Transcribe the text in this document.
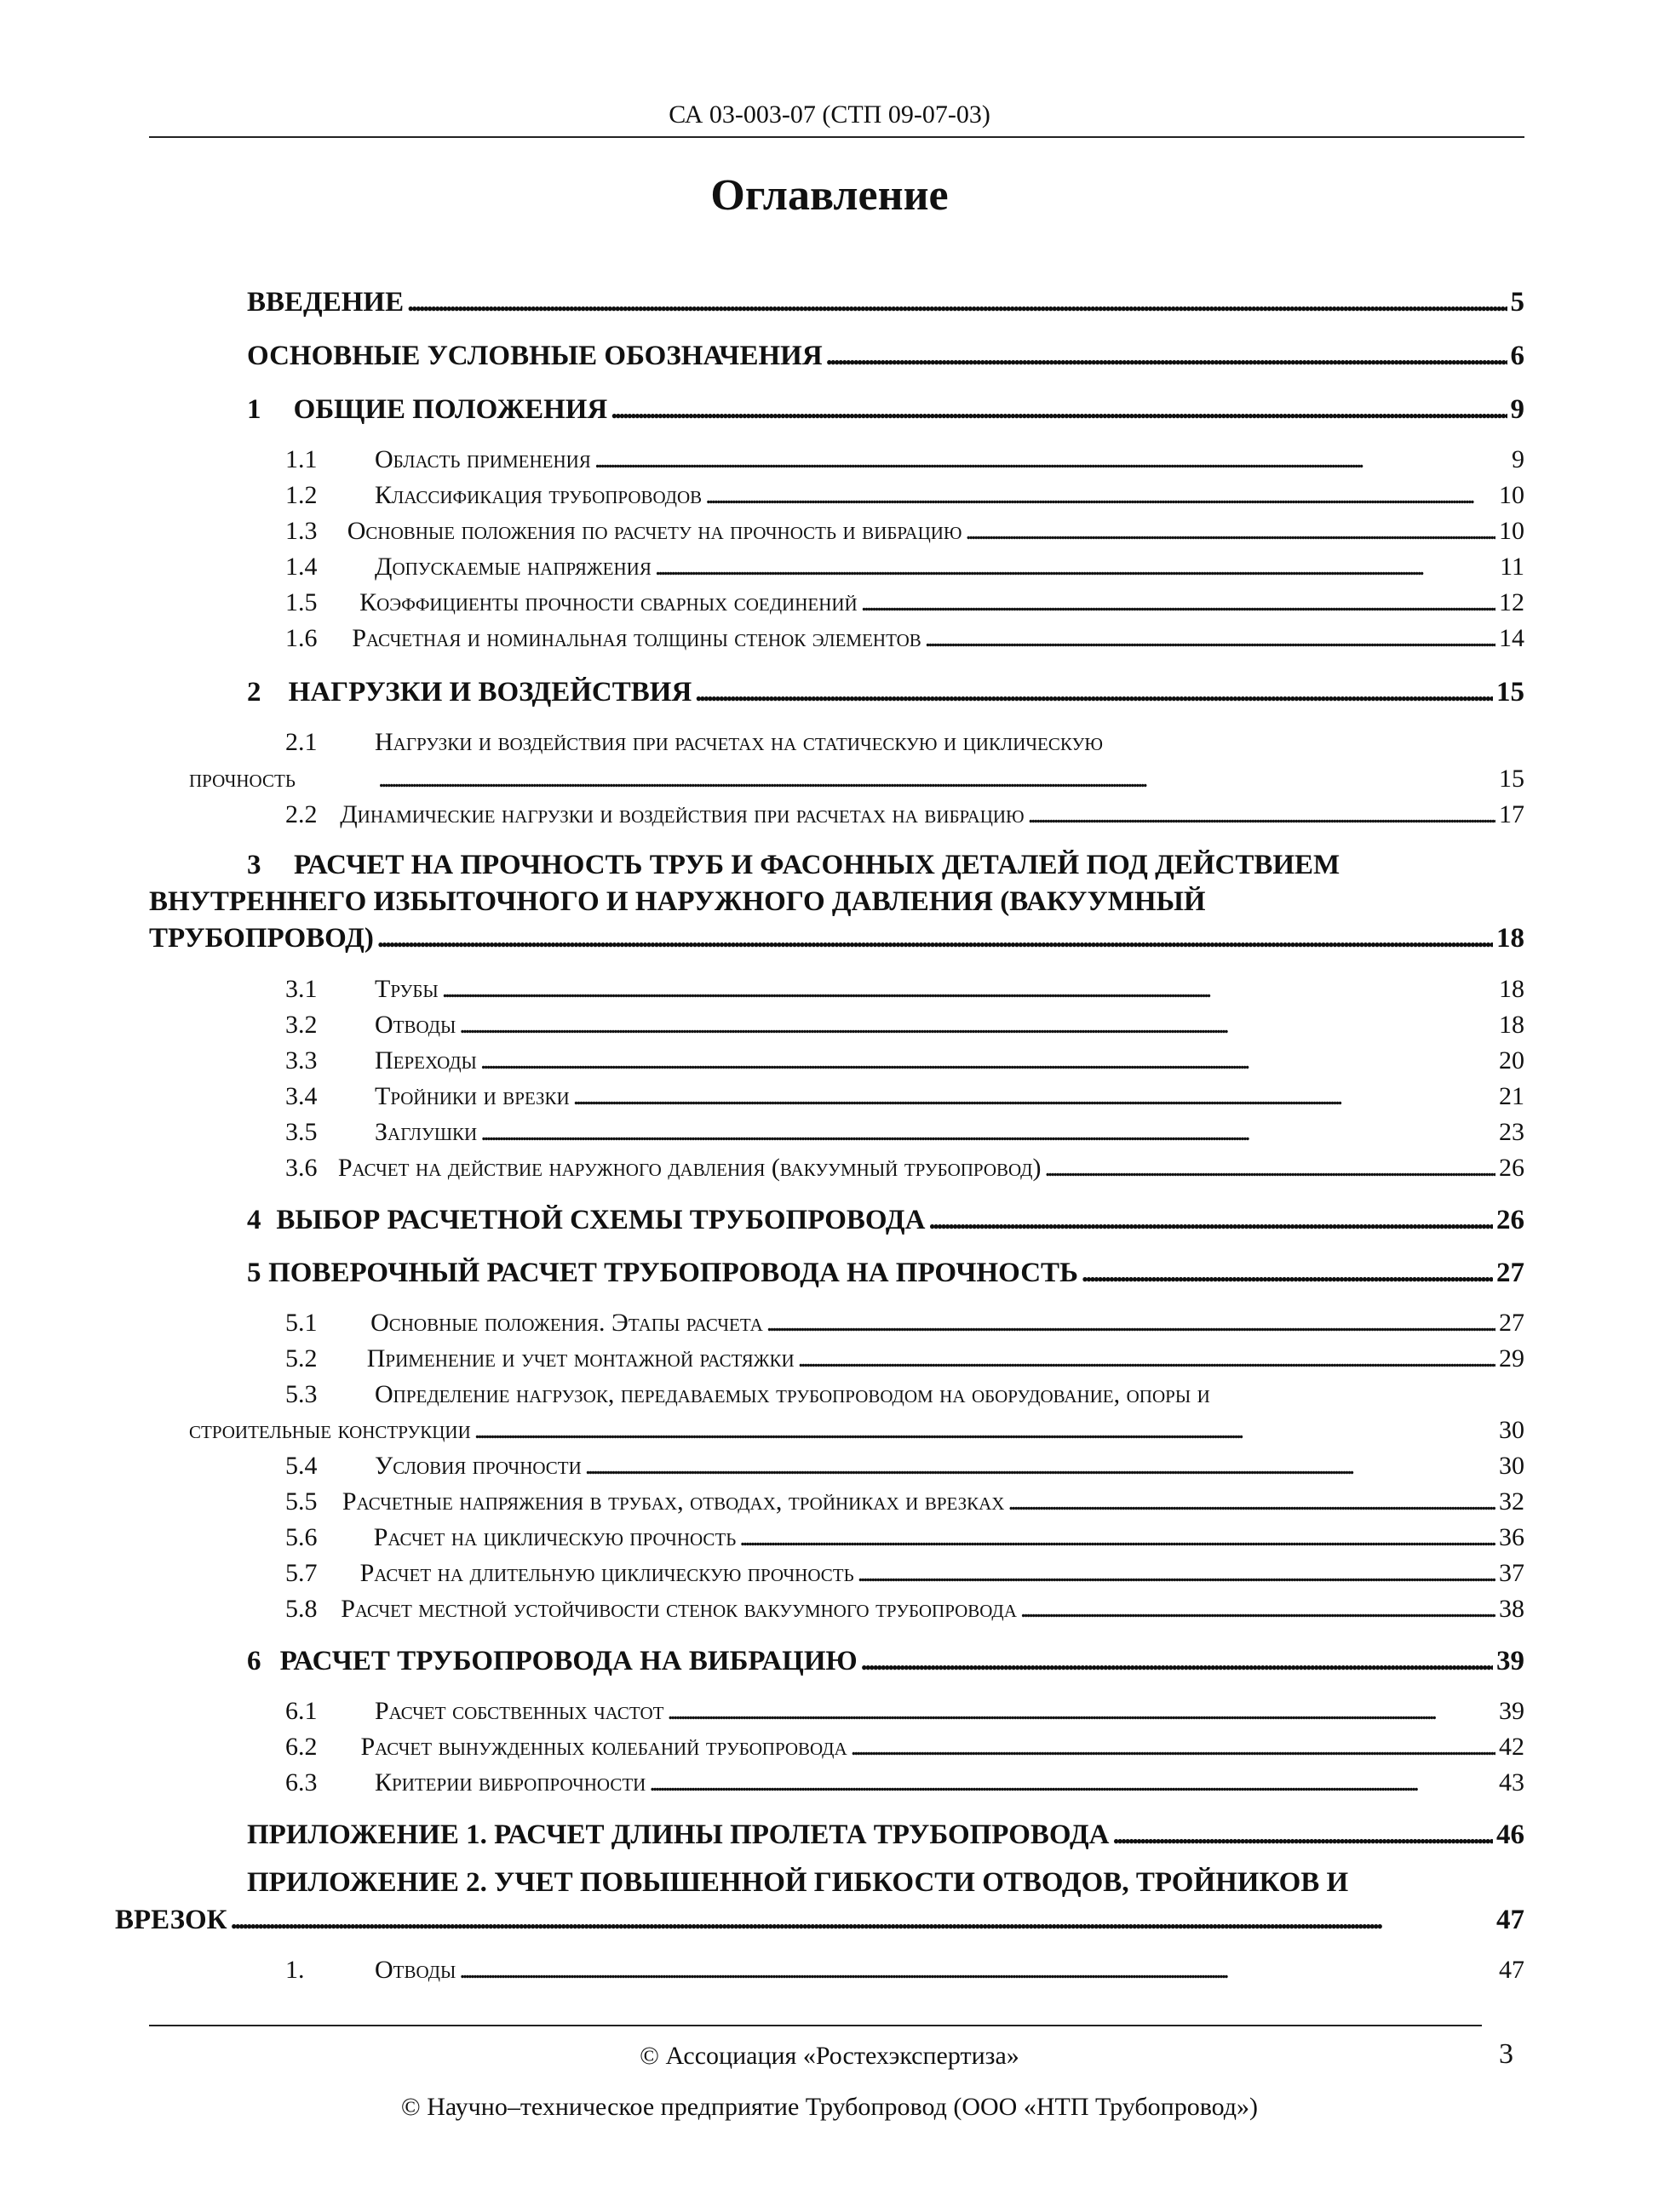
СА 03-003-07 (СТП 09-07-03)
Оглавление
ВВЕДЕНИЕ . . .	5
ОСНОВНЫЕ УСЛОВНЫЕ ОБОЗНАЧЕНИЯ . . .	6
1	ОБЩИЕ ПОЛОЖЕНИЯ . . .	9
1.1	Область применения . . .	9
1.2	Классификация трубопроводов . . .	10
1.3	Основные положения по расчету на прочность и вибрацию . . .	10
1.4	Допускаемые напряжения . . .	11
1.5	Коэффициенты прочности сварных соединений . . .	12
1.6	Расчетная и номинальная толщины стенок элементов . . .	14
2 НАГРУЗКИ И ВОЗДЕЙСТВИЯ . . .	15
2.1 Нагрузки и воздействия при расчетах на статическую и циклическую
прочность . . .	15
2.2 Динамические нагрузки и воздействия при расчетах на вибрацию . . .	17
3 РАСЧЕТ НА ПРОЧНОСТЬ ТРУБ И ФАСОННЫХ ДЕТАЛЕЙ ПОД ДЕЙСТВИЕМ
ВНУТРЕННЕГО ИЗБЫТОЧНОГО И НАРУЖНОГО ДАВЛЕНИЯ (ВАКУУМНЫЙ
ТРУБОПРОВОД) . . .	18
3.1	Трубы . . .	18
3.2	Отводы . . .	18
3.3	Переходы . . .	20
3.4	Тройники и врезки . . .	21
3.5	Заглушки . . .	23
3.6 Расчет на действие наружного давления (вакуумный трубопровод) . . .	26
4 ВЫБОР РАСЧЕТНОЙ СХЕМЫ ТРУБОПРОВОДА . . .	26
5 ПОВЕРОЧНЫЙ РАСЧЕТ ТРУБОПРОВОДА НА ПРОЧНОСТЬ . . .	27
5.1	Основные положения. Этапы расчета . . .	27
5.2	Применение и учет монтажной растяжки . . .	29
5.3 Определение нагрузок, передаваемых трубопроводом на оборудование, опоры и
строительные конструкции . . .	30
5.4	Условия прочности . . .	30
5.5 Расчетные напряжения в трубах, отводах, тройниках и врезках . . .	32
5.6	Расчет на циклическую прочность . . .	36
5.7	Расчет на длительную циклическую прочность . . .	37
5.8 Расчет местной устойчивости стенок вакуумного трубопровода . . .	38
6 РАСЧЕТ ТРУБОПРОВОДА НА ВИБРАЦИЮ . . .	39
6.1	Расчет собственных частот . . .	39
6.2	Расчет вынужденных колебаний трубопровода . . .	42
6.3	Критерии вибропрочности . . .	43
ПРИЛОЖЕНИЕ 1. РАСЧЕТ ДЛИНЫ ПРОЛЕТА ТРУБОПРОВОДА . . .	46
ПРИЛОЖЕНИЕ 2. УЧЕТ ПОВЫШЕННОЙ ГИБКОСТИ ОТВОДОВ, ТРОЙНИКОВ И
ВРЕЗОК . . .	47
1.	Отводы . . .	47
© Ассоциация «Ростехэкспертиза»	3
© Научно–техническое предприятие Трубопровод (ООО «НТП Трубопровод»)
